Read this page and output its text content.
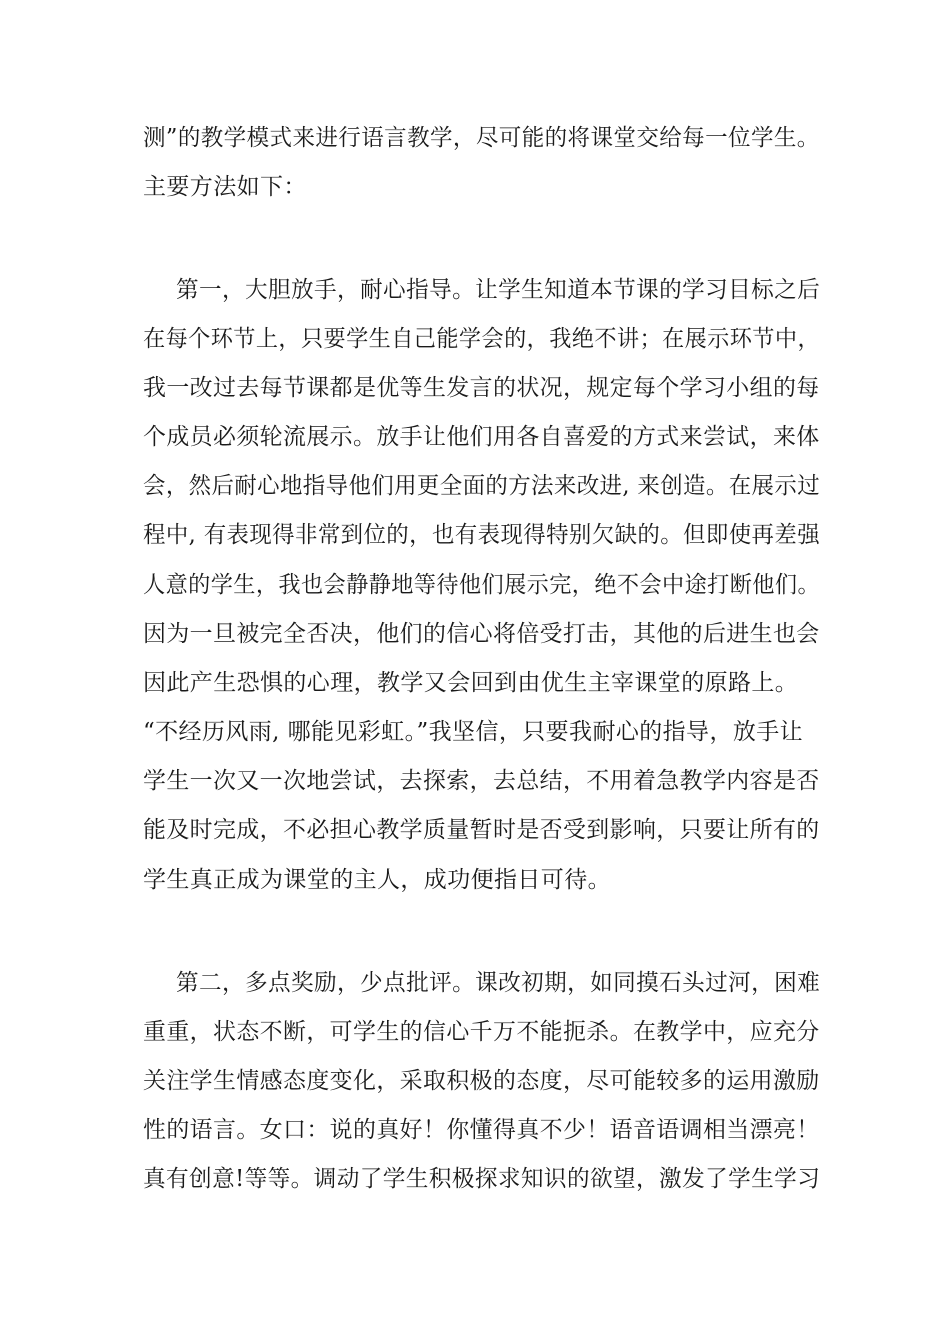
测”的教学模式来进行语言教学，尽可能的将课堂交给每一位学生。
主要方法如下：
第一，大胆放手，耐心指导。让学生知道本节课的学习目标之后
在每个环节上，只要学生自己能学会的，我绝不讲；在展示环节中，
我一改过去每节课都是优等生发言的状况，规定每个学习小组的每
个成员必须轮流展示。放手让他们用各自喜爱的方式来尝试，来体
会，然后耐心地指导他们用更全面的方法来改进, 来创造。在展示过
程中, 有表现得非常到位的，也有表现得特别欠缺的。但即使再差强
人意的学生，我也会静静地等待他们展示完，绝不会中途打断他们。
因为一旦被完全否决，他们的信心将倍受打击，其他的后进生也会
因此产生恐惧的心理，教学又会回到由优生主宰课堂的原路上。
“不经历风雨, 哪能见彩虹。”我坚信，只要我耐心的指导，放手让
学生一次又一次地尝试，去探索，去总结，不用着急教学内容是否
能及时完成，不必担心教学质量暂时是否受到影响，只要让所有的
学生真正成为课堂的主人，成功便指日可待。
第二，多点奖励，少点批评。课改初期，如同摸石头过河，困难
重重，状态不断，可学生的信心千万不能扼杀。在教学中，应充分
关注学生情感态度变化，采取积极的态度，尽可能较多的运用激励
性的语言。女口：说的真好！你懂得真不少！语音语调相当漂亮！
真有创意!等等。调动了学生积极探求知识的欲望，激发了学生学习
